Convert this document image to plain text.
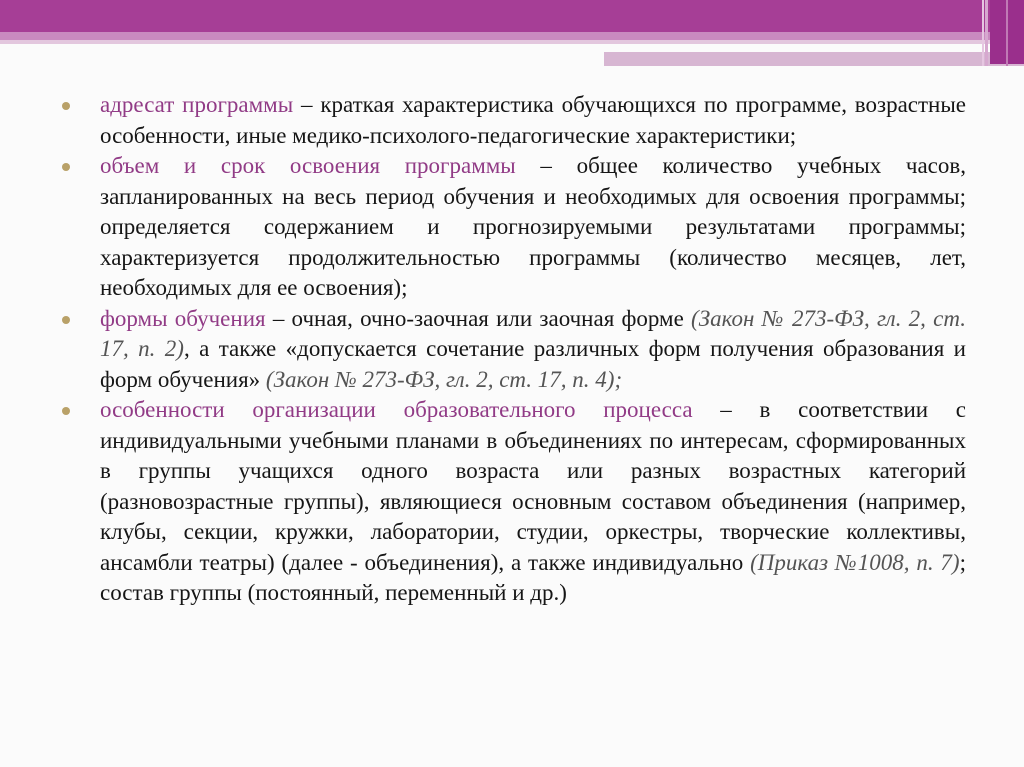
адресат программы – краткая характеристика обучающихся по программе, возрастные особенности, иные медико-психолого-педагогические характеристики;
объем и срок освоения программы – общее количество учебных часов, запланированных на весь период обучения и необходимых для освоения программы; определяется содержанием и прогнозируемыми результатами программы; характеризуется продолжительностью программы (количество месяцев, лет, необходимых для ее освоения);
формы обучения – очная, очно-заочная или заочная форме (Закон № 273-ФЗ, гл. 2, ст. 17, п. 2), а также «допускается сочетание различных форм получения образования и форм обучения» (Закон № 273-ФЗ, гл. 2, ст. 17, п. 4);
особенности организации образовательного процесса – в соответствии с индивидуальными учебными планами в объединениях по интересам, сформированных в группы учащихся одного возраста или разных возрастных категорий (разновозрастные группы), являющиеся основным составом объединения (например, клубы, секции, кружки, лаборатории, студии, оркестры, творческие коллективы, ансамбли театры) (далее - объединения), а также индивидуально (Приказ №1008, п. 7); состав группы (постоянный, переменный и др.)
